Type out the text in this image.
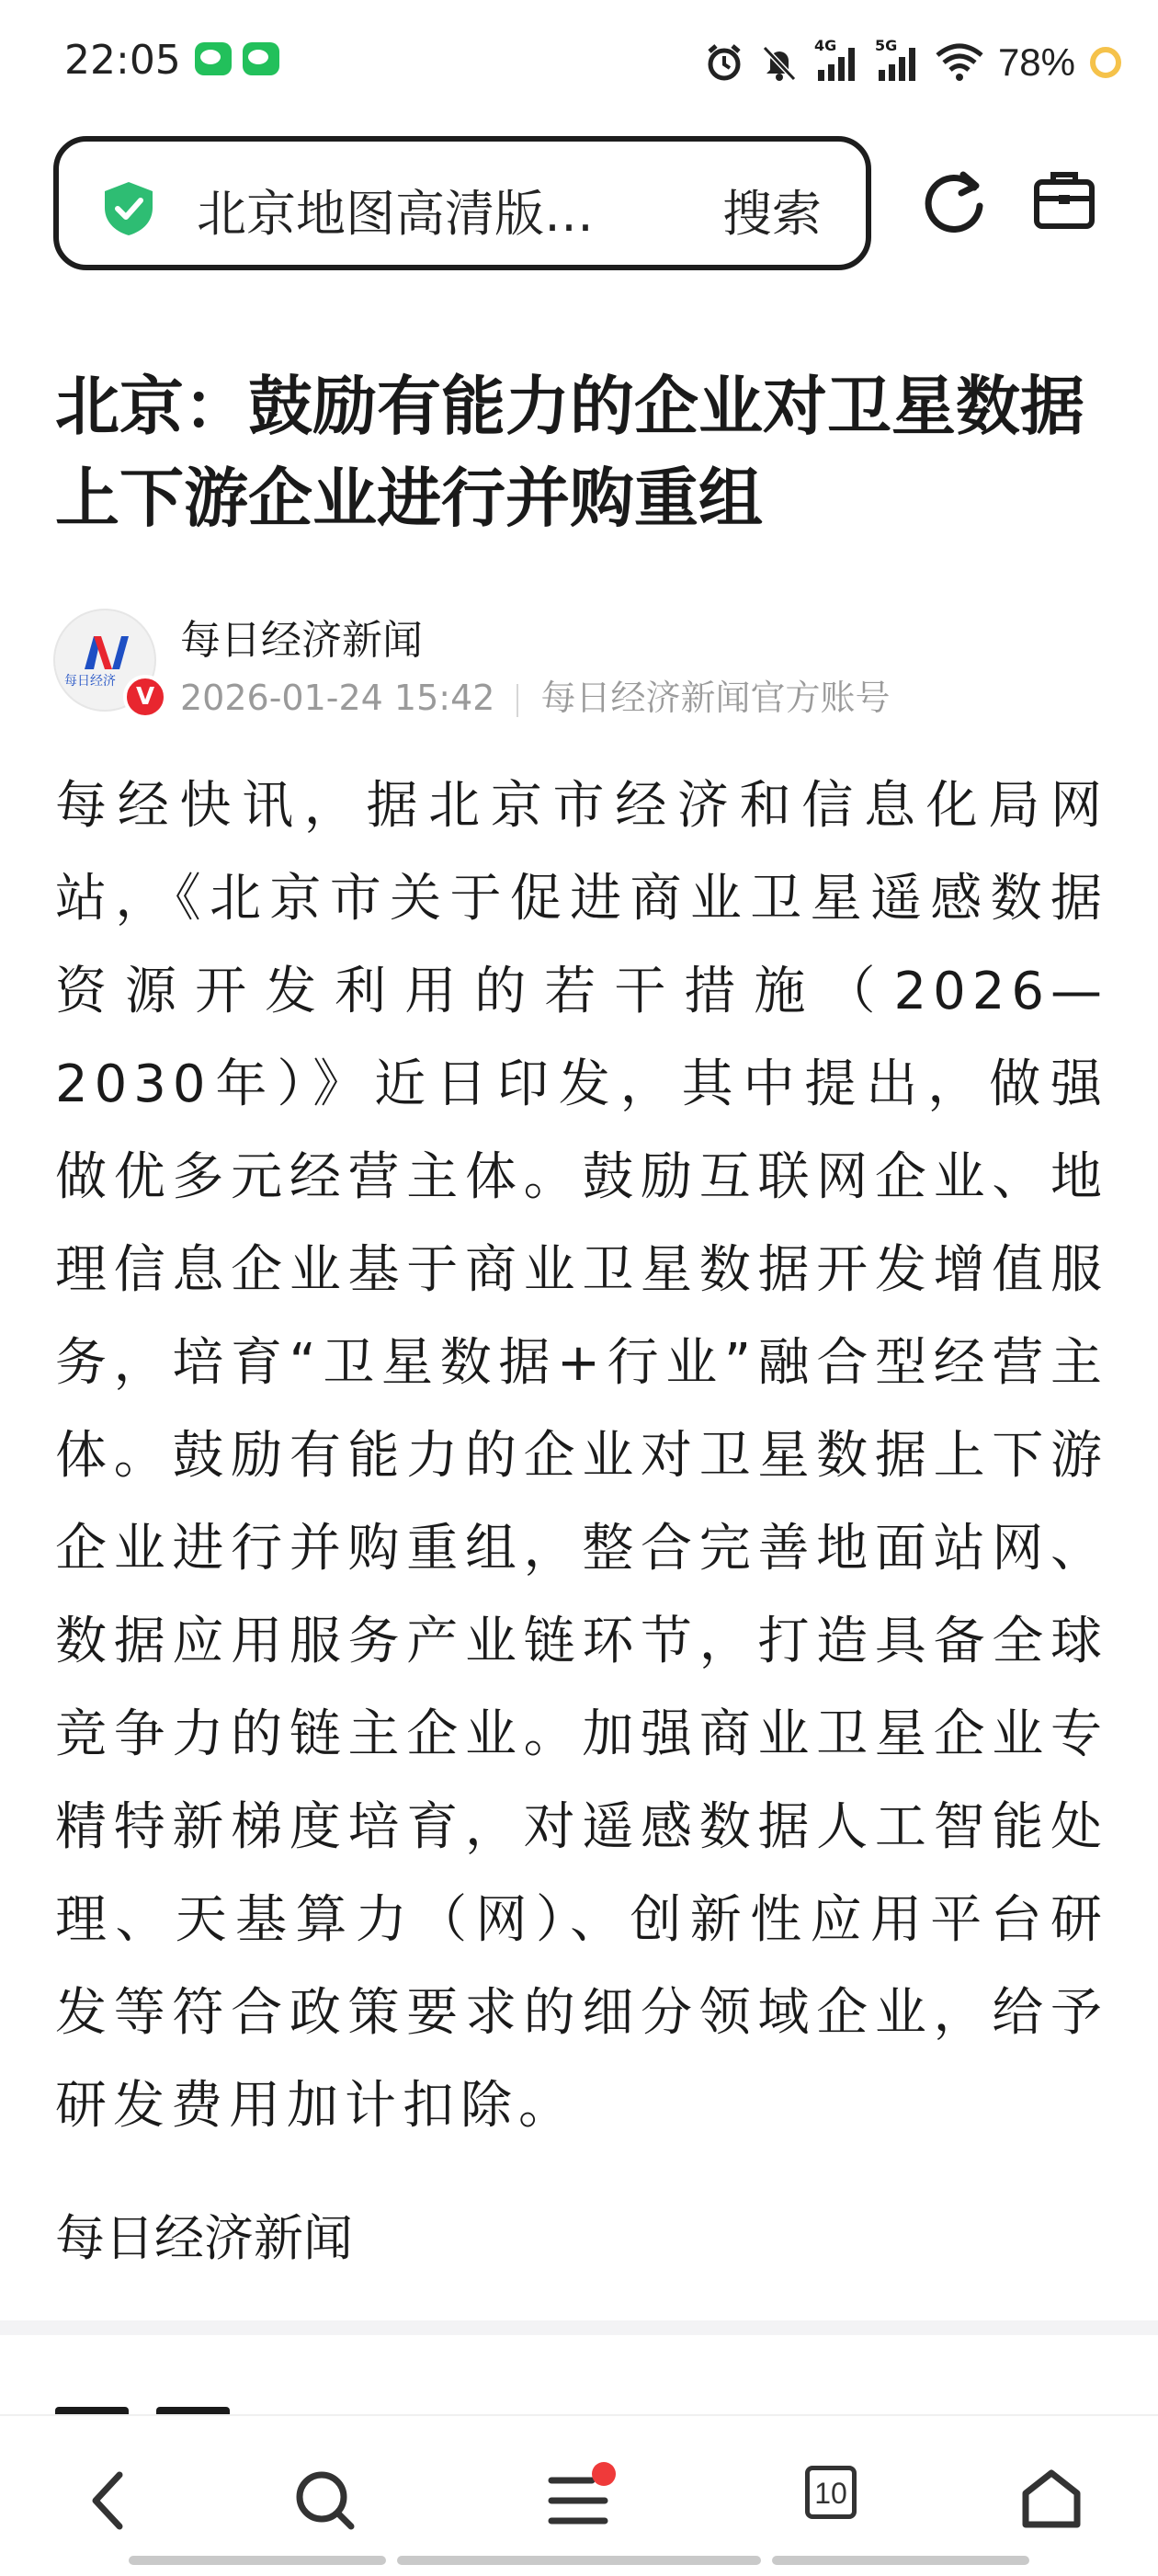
22:05	4G	5G	78%
北京地图高清版…	搜索
北京：鼓励有能力的企业对卫星数据上下游企业进行并购重组
每日经济
V
每日经济新闻
2026-01-24 15:42 每日经济新闻官方账号
每经快讯，据北京市经济和信息化局网站，《北京市关于促进商业卫星遥感数据资源开发利用的若干措施（2026—2030年）》近日印发，其中提出，做强做优多元经营主体。鼓励互联网企业、地理信息企业基于商业卫星数据开发增值服务，培育“卫星数据+行业”融合型经营主体。鼓励有能力的企业对卫星数据上下游企业进行并购重组，整合完善地面站网、数据应用服务产业链环节，打造具备全球竞争力的链主企业。加强商业卫星企业专精特新梯度培育，对遥感数据人工智能处理、天基算力（网）、创新性应用平台研发等符合政策要求的细分领域企业，给予研发费用加计扣除。
每日经济新闻
10
